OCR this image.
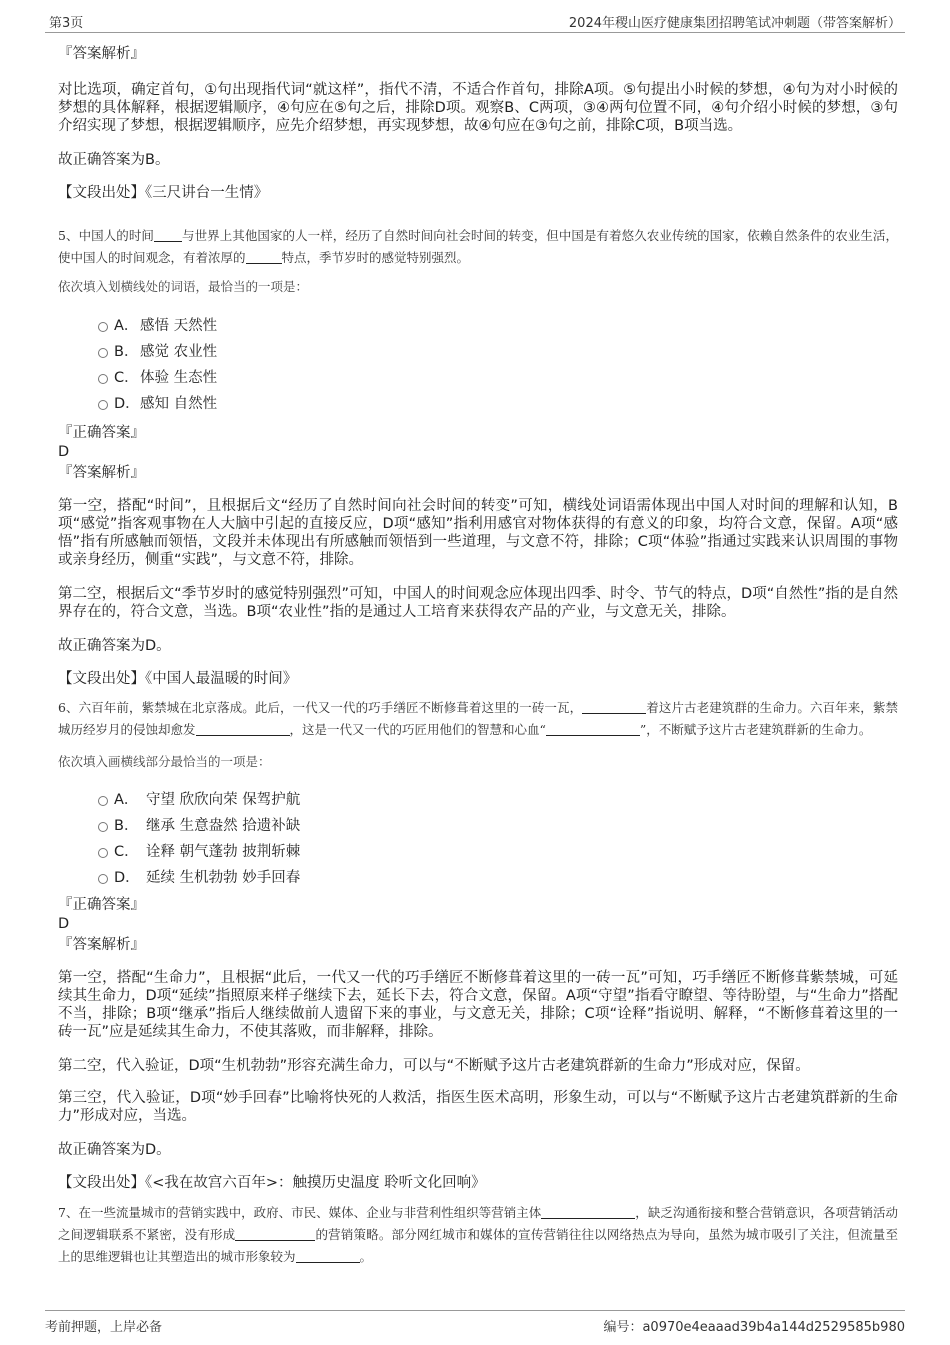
第3页	2024年稷山医疗健康集团招聘笔试冲刺题（带答案解析）
『答案解析』
对比选项，确定首句，①句出现指代词“就这样”，指代不清，不适合作首句，排除A项。⑤句提出小时候的梦想，④句为对小时候的梦想的具体解释，根据逻辑顺序，④句应在⑤句之后，排除D项。观察B、C两项，③④两句位置不同，④句介绍小时候的梦想，③句介绍实现了梦想，根据逻辑顺序，应先介绍梦想，再实现梦想，故④句应在③句之前，排除C项，B项当选。
故正确答案为B。
【文段出处】《三尺讲台一生情》
5、中国人的时间 与世界上其他国家的人一样，经历了自然时间向社会时间的转变，但中国是有着悠久农业传统的国家，依赖自然条件的农业生活，使中国人的时间观念，有着浓厚的	特点，季节岁时的感觉特别强烈。
依次填入划横线处的词语，最恰当的一项是：
A． 感悟 天然性
B． 感觉 农业性
C． 体验 生态性
D． 感知 自然性
『正确答案』
D
『答案解析』
第一空，搭配“时间”，且根据后文“经历了自然时间向社会时间的转变”可知，横线处词语需体现出中国人对时间的理解和认知，B项“感觉”指客观事物在人大脑中引起的直接反应，D项“感知”指利用感官对物体获得的有意义的印象，均符合文意，保留。A项“感悟”指有所感触而领悟，文段并未体现出有所感触而领悟到一些道理，与文意不符，排除；C项“体验”指通过实践来认识周围的事物或亲身经历，侧重“实践”，与文意不符，排除。
第二空，根据后文“季节岁时的感觉特别强烈”可知，中国人的时间观念应体现出四季、时令、节气的特点，D项“自然性”指的是自然界存在的，符合文意，当选。B项“农业性”指的是通过人工培育来获得农产品的产业，与文意无关，排除。
故正确答案为D。
【文段出处】《中国人最温暖的时间》
6、六百年前，紫禁城在北京落成。此后，一代又一代的巧手缮匠不断修葺着这里的一砖一瓦，	着这片古老建筑群的生命力。六百年来，紫禁城历经岁月的侵蚀却愈发	，这是一代又一代的巧匠用他们的智慧和心血“	”，不断赋予这片古老建筑群新的生命力。
依次填入画横线部分最恰当的一项是：
A． 守望 欣欣向荣 保驾护航
B． 继承 生意盎然 拾遗补缺
C． 诠释 朝气蓬勃 披荆斩棘
D． 延续 生机勃勃 妙手回春
『正确答案』
D
『答案解析』
第一空，搭配“生命力”，且根据“此后，一代又一代的巧手缮匠不断修葺着这里的一砖一瓦”可知，巧手缮匠不断修葺紫禁城，可延续其生命力，D项“延续”指照原来样子继续下去，延长下去，符合文意，保留。A项“守望”指看守瞭望、等待盼望，与“生命力”搭配不当，排除；B项“继承”指后人继续做前人遗留下来的事业，与文意无关，排除；C项“诠释”指说明、解释，“不断修葺着这里的一砖一瓦”应是延续其生命力，不使其落败，而非解释，排除。
第二空，代入验证，D项“生机勃勃”形容充满生命力，可以与“不断赋予这片古老建筑群新的生命力”形成对应，保留。
第三空，代入验证，D项“妙手回春”比喻将快死的人救活，指医生医术高明，形象生动，可以与“不断赋予这片古老建筑群新的生命力”形成对应，当选。
故正确答案为D。
【文段出处】《<我在故宫六百年>：触摸历史温度 聆听文化回响》
7、在一些流量城市的营销实践中，政府、市民、媒体、企业与非营利性组织等营销主体	，缺乏沟通衔接和整合营销意识，各项营销活动之间逻辑联系不紧密，没有形成	的营销策略。部分网红城市和媒体的宣传营销往往以网络热点为导向，虽然为城市吸引了关注，但流量至上的思维逻辑也让其塑造出的城市形象较为	。
考前押题，上岸必备	编号：a0970e4eaaad39b4a144d2529585b980
